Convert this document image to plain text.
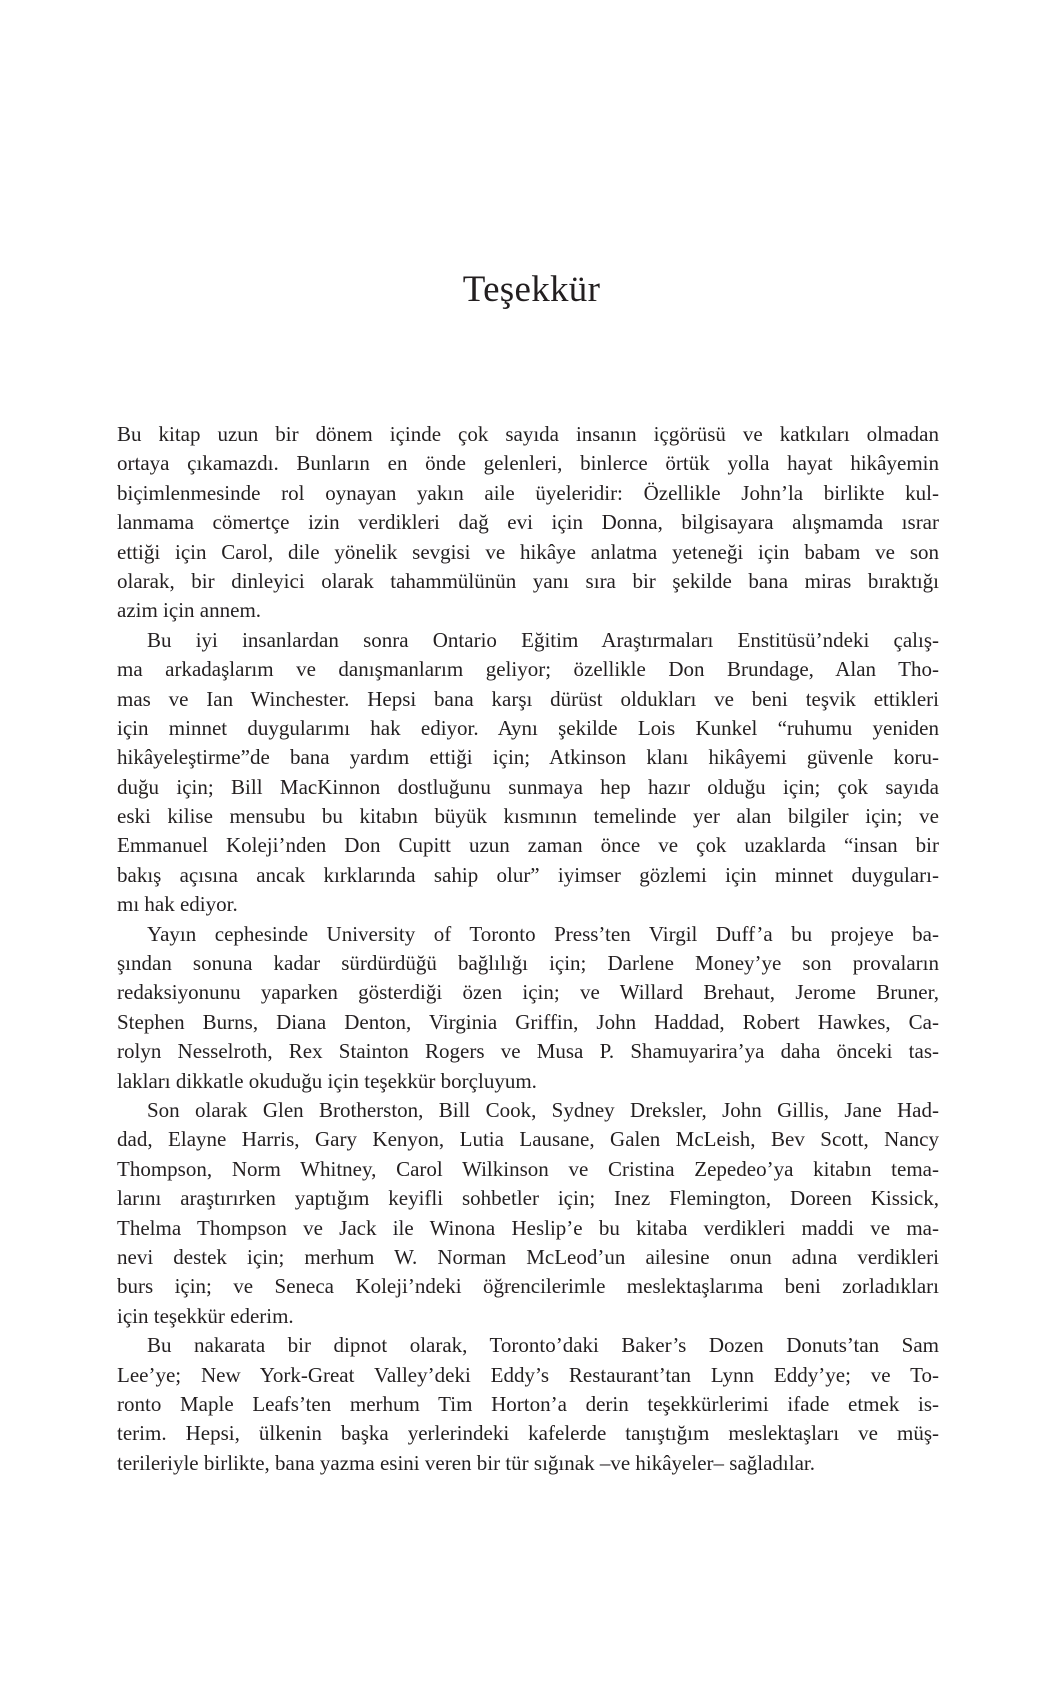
Teşekkür

Bu kitap uzun bir dönem içinde çok sayıda insanın içgörüsü ve katkıları olmadan
ortaya çıkamazdı. Bunların en önde gelenleri, binlerce örtük yolla hayat hikâyemin
biçimlenmesinde rol oynayan yakın aile üyeleridir: Özellikle John’la birlikte kul-
lanmama cömertçe izin verdikleri dağ evi için Donna, bilgisayara alışmamda ısrar
ettiği için Carol, dile yönelik sevgisi ve hikâye anlatma yeteneği için babam ve son
olarak, bir dinleyici olarak tahammülünün yanı sıra bir şekilde bana miras bıraktığı
azim için annem.

Bu iyi insanlardan sonra Ontario Eğitim Araştırmaları Enstitüsü’ndeki çalış-
ma arkadaşlarım ve danışmanlarım geliyor; özellikle Don Brundage, Alan Tho-
mas ve Ian Winchester. Hepsi bana karşı dürüst oldukları ve beni teşvik ettikleri
için minnet duygularımı hak ediyor. Aynı şekilde Lois Kunkel “ruhumu yeniden
hikâyeleştirme”de bana yardım ettiği için; Atkinson klanı hikâyemi güvenle koru-
duğu için; Bill MacKinnon dostluğunu sunmaya hep hazır olduğu için; çok sayıda
eski kilise mensubu bu kitabın büyük kısmının temelinde yer alan bilgiler için; ve
Emmanuel Koleji’nden Don Cupitt uzun zaman önce ve çok uzaklarda “insan bir
bakış açısına ancak kırklarında sahip olur” iyimser gözlemi için minnet duyguları-
mı hak ediyor.

Yayın cephesinde University of Toronto Press’ten Virgil Duff’a bu projeye ba-
şından sonuna kadar sürdürdüğü bağlılığı için; Darlene Money’ye son provaların
redaksiyonunu yaparken gösterdiği özen için; ve Willard Brehaut, Jerome Bruner,
Stephen Burns, Diana Denton, Virginia Griffin, John Haddad, Robert Hawkes, Ca-
rolyn Nesselroth, Rex Stainton Rogers ve Musa P. Shamuyarira’ya daha önceki tas-
lakları dikkatle okuduğu için teşekkür borçluyum.

Son olarak Glen Brotherston, Bill Cook, Sydney Dreksler, John Gillis, Jane Had-
dad, Elayne Harris, Gary Kenyon, Lutia Lausane, Galen McLeish, Bev Scott, Nancy
Thompson, Norm Whitney, Carol Wilkinson ve Cristina Zepedeo’ya kitabın tema-
larını araştırırken yaptığım keyifli sohbetler için; Inez Flemington, Doreen Kissick,
Thelma Thompson ve Jack ile Winona Heslip’e bu kitaba verdikleri maddi ve ma-
nevi destek için; merhum W. Norman McLeod’un ailesine onun adına verdikleri
burs için; ve Seneca Koleji’ndeki öğrencilerimle meslektaşlarıma beni zorladıkları
için teşekkür ederim.

Bu nakarata bir dipnot olarak, Toronto’daki Baker’s Dozen Donuts’tan Sam
Lee’ye; New York-Great Valley’deki Eddy’s Restaurant’tan Lynn Eddy’ye; ve To-
ronto Maple Leafs’ten merhum Tim Horton’a derin teşekkürlerimi ifade etmek is-
terim. Hepsi, ülkenin başka yerlerindeki kafelerde tanıştığım meslektaşları ve müş-
terileriyle birlikte, bana yazma esini veren bir tür sığınak –ve hikâyeler– sağladılar.
